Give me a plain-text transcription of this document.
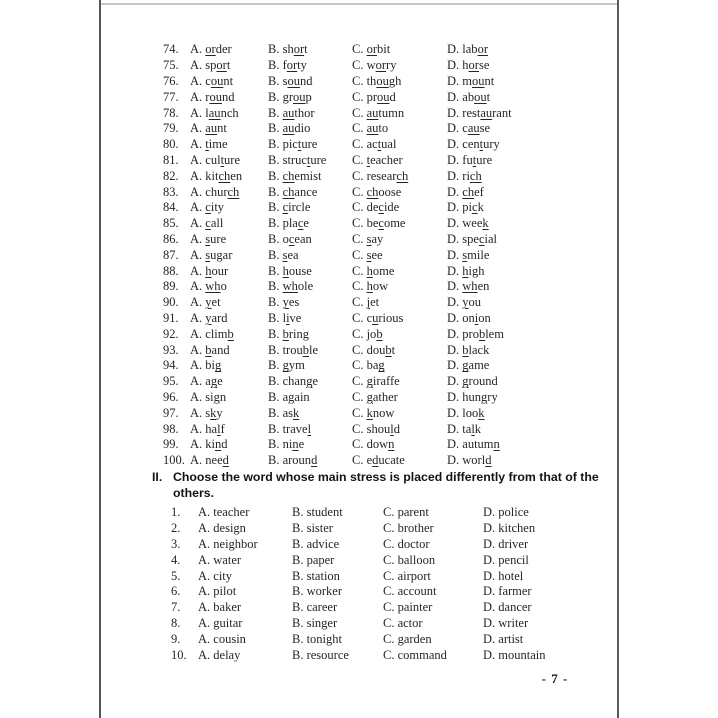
74. A. order	B. short	C. orbit	D. labor
75. A. sport	B. forty	C. worry	D. horse
76. A. count	B. sound	C. though	D. mount
77. A. round	B. group	C. proud	D. about
78. A. launch	B. author	C. autumn	D. restaurant
79. A. aunt	B. audio	C. auto	D. cause
80. A. time	B. picture	C. actual	D. century
81. A. culture	B. structure	C. teacher	D. future
82. A. kitchen	B. chemist	C. research	D. rich
83. A. church	B. chance	C. choose	D. chef
84. A. city	B. circle	C. decide	D. pick
85. A. call	B. place	C. become	D. week
86. A. sure	B. ocean	C. say	D. special
87. A. sugar	B. sea	C. see	D. smile
88. A. hour	B. house	C. home	D. high
89. A. who	B. whole	C. how	D. when
90. A. yet	B. yes	C. jet	D. you
91. A. yard	B. live	C. curious	D. onion
92. A. climb	B. bring	C. job	D. problem
93. A. band	B. trouble	C. doubt	D. black
94. A. big	B. gym	C. bag	D. game
95. A. age	B. change	C. giraffe	D. ground
96. A. sign	B. again	C. gather	D. hungry
97. A. sky	B. ask	C. know	D. look
98. A. half	B. travel	C. should	D. talk
99. A. kind	B. nine	C. down	D. autumn
100. A. need	B. around	C. educate	D. world
II. Choose the word whose main stress is placed differently from that of the others.
1.	A. teacher	B. student	C. parent	D. police
2.	A. design	B. sister	C. brother	D. kitchen
3.	A. neighbor	B. advice	C. doctor	D. driver
4.	A. water	B. paper	C. balloon	D. pencil
5.	A. city	B. station	C. airport	D. hotel
6.	A. pilot	B. worker	C. account	D. farmer
7.	A. baker	B. career	C. painter	D. dancer
8.	A. guitar	B. singer	C. actor	D. writer
9.	A. cousin	B. tonight	C. garden	D. artist
10. A. delay	B. resource	C. command	D. mountain
- 7 -
